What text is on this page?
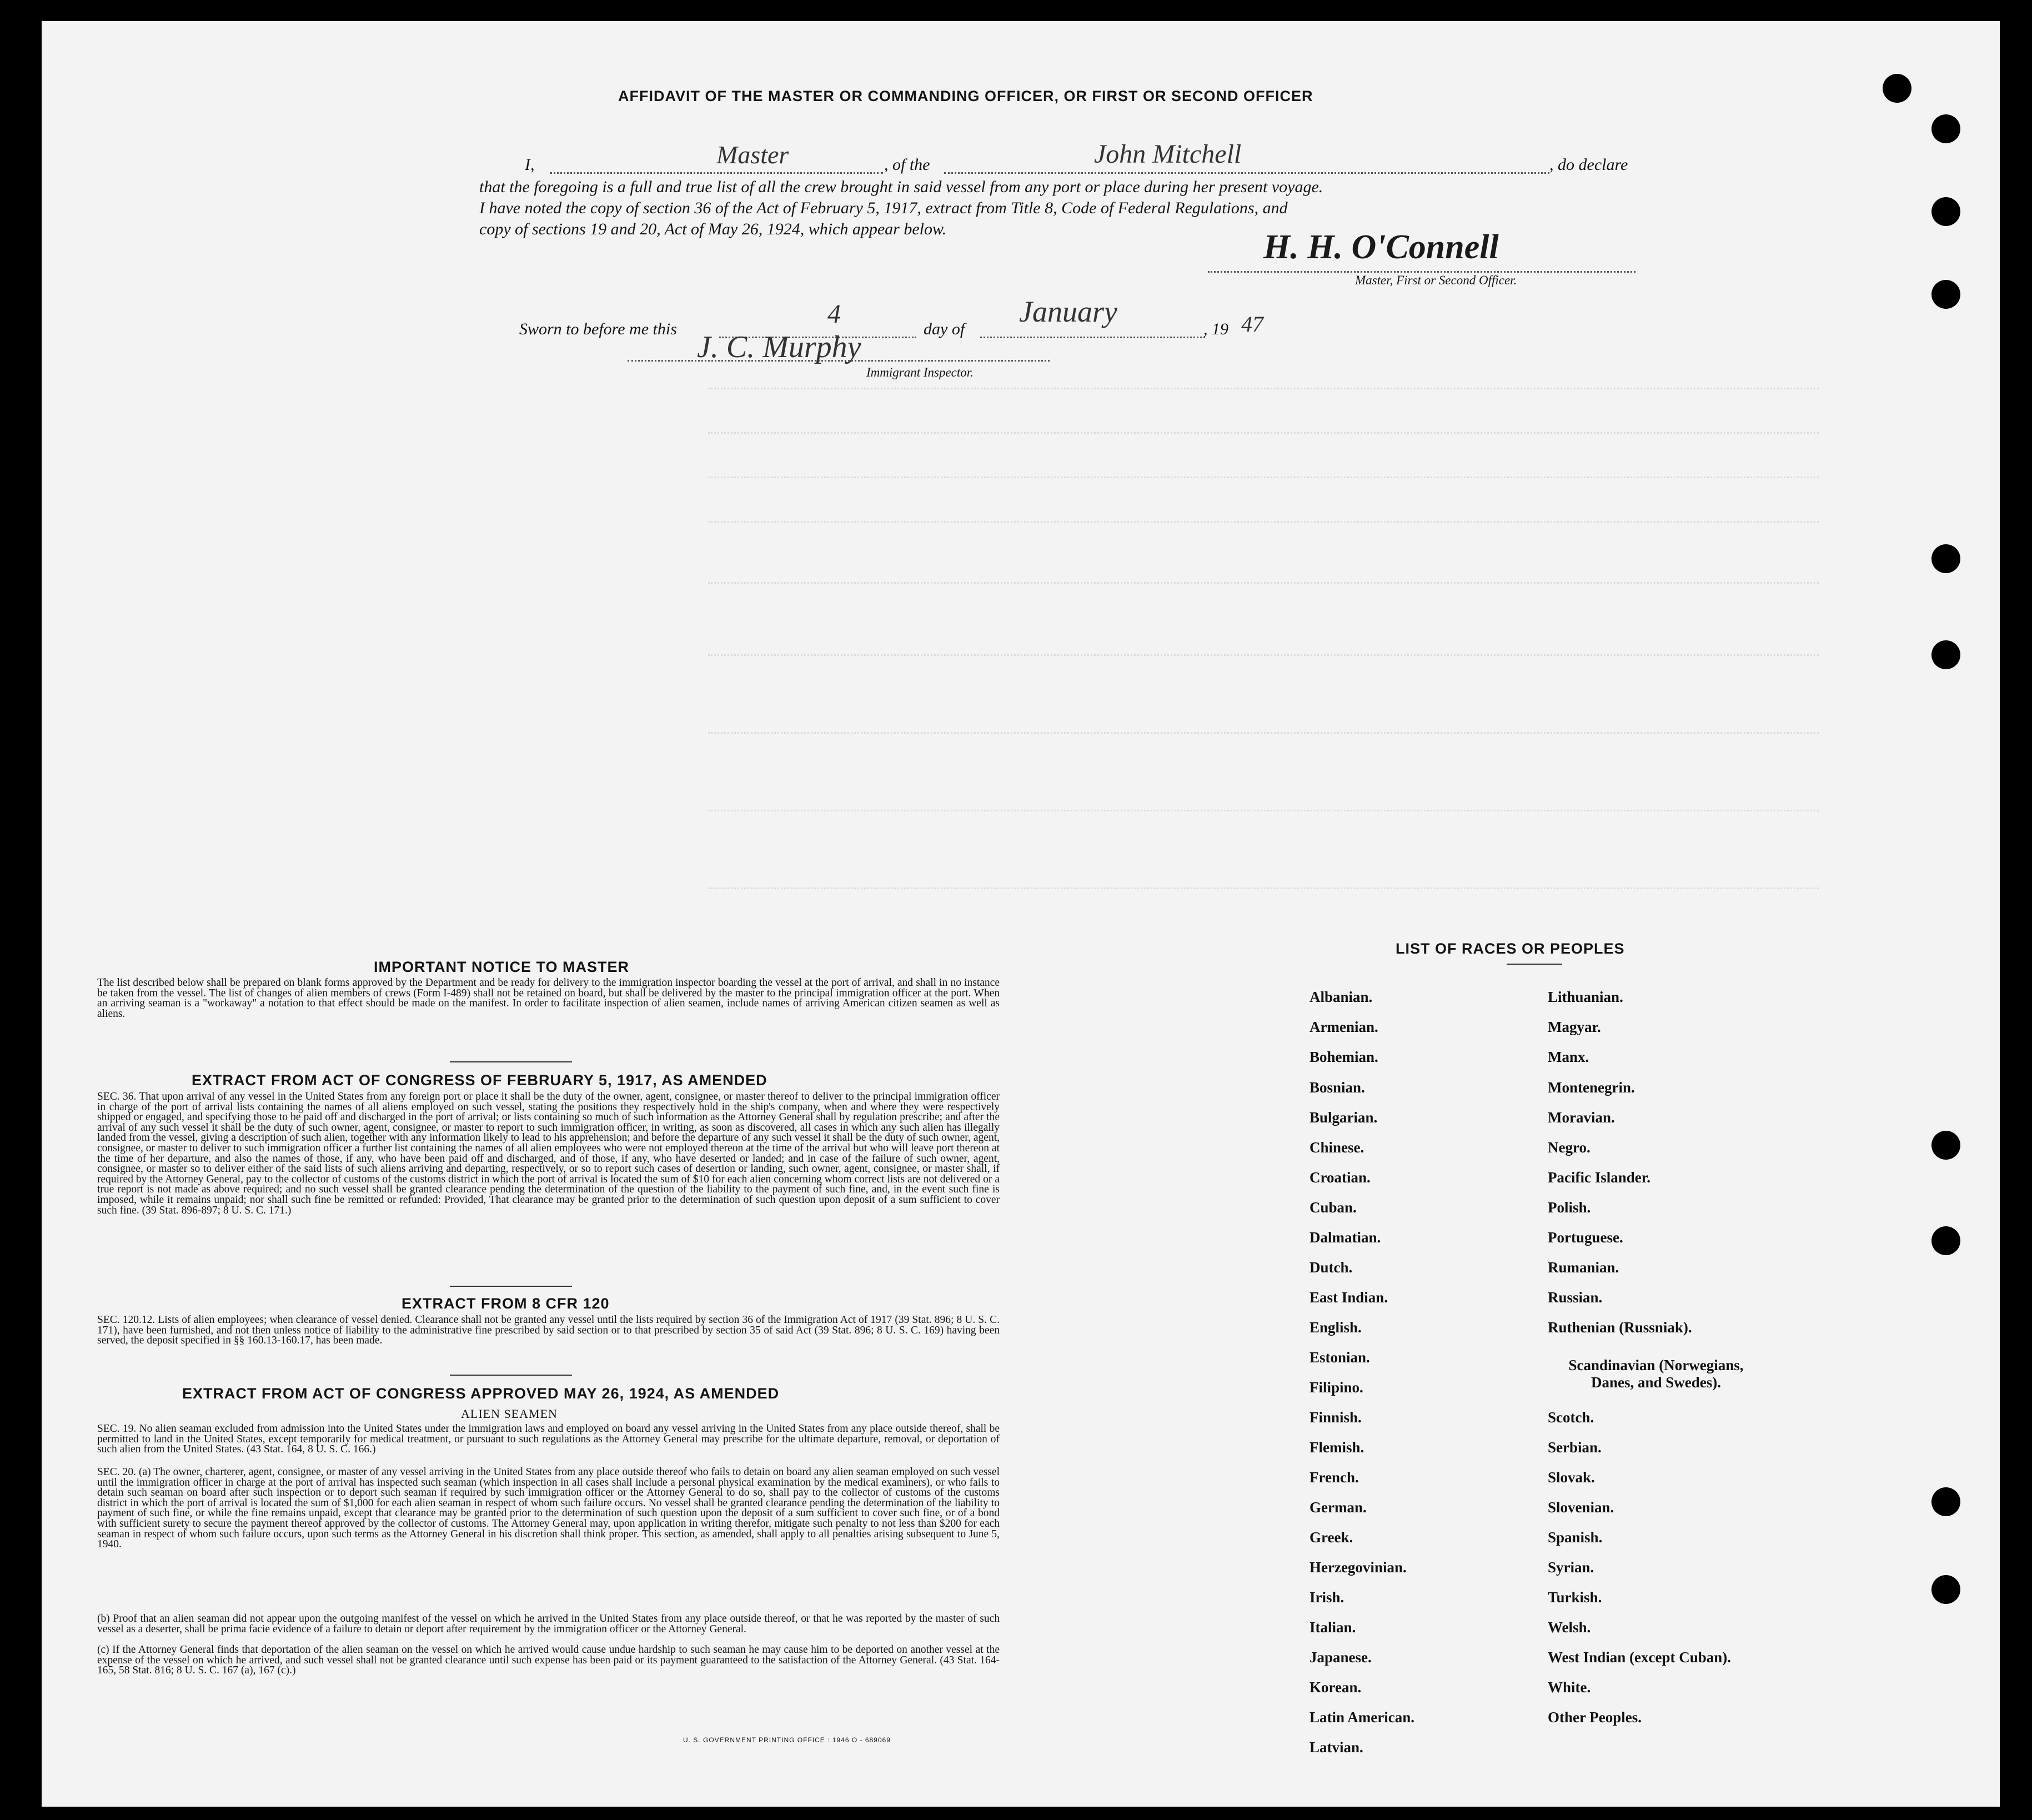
AFFIDAVIT OF THE MASTER OR COMMANDING OFFICER, OR FIRST OR SECOND OFFICER
I,	Master	, of the	John Mitchell	, do declare
that the foregoing is a full and true list of all the crew brought in said vessel from any port or place during her present voyage.
I have noted the copy of section 36 of the Act of February 5, 1917, extract from Title 8, Code of Federal Regulations, and
copy of sections 19 and 20, Act of May 26, 1924, which appear below.	H. H. O'Connell
Master, First or Second Officer.
Sworn to before me this
4
day of
January
, 19 47
J. C. Murphy
Immigrant Inspector.
IMPORTANT NOTICE TO MASTER
The list described below shall be prepared on blank forms approved by the Department and be ready for delivery to the immigration inspector boarding the vessel at the port of arrival, and shall in no instance be taken from the vessel. The list of changes of alien members of crews (Form I-489) shall not be retained on board, but shall be delivered by the master to the principal immigration officer at the port. When an arriving seaman is a "workaway" a notation to that effect should be made on the manifest. In order to facilitate inspection of alien seamen, include names of arriving American citizen seamen as well as aliens.
EXTRACT FROM ACT OF CONGRESS OF FEBRUARY 5, 1917, AS AMENDED
SEC. 36. That upon arrival of any vessel in the United States from any foreign port or place it shall be the duty of the owner, agent, consignee, or master thereof to deliver to the principal immigration officer in charge of the port of arrival lists containing the names of all aliens employed on such vessel, stating the positions they respectively hold in the ship's company, when and where they were respectively shipped or engaged, and specifying those to be paid off and discharged in the port of arrival; or lists containing so much of such information as the Attorney General shall by regulation prescribe; and after the arrival of any such vessel it shall be the duty of such owner, agent, consignee, or master to report to such immigration officer, in writing, as soon as discovered, all cases in which any such alien has illegally landed from the vessel, giving a description of such alien, together with any information likely to lead to his apprehension; and before the departure of any such vessel it shall be the duty of such owner, agent, consignee, or master to deliver to such immigration officer a further list containing the names of all alien employees who were not employed thereon at the time of the arrival but who will leave port thereon at the time of her departure, and also the names of those, if any, who have been paid off and discharged, and of those, if any, who have deserted or landed; and in case of the failure of such owner, agent, consignee, or master so to deliver either of the said lists of such aliens arriving and departing, respectively, or so to report such cases of desertion or landing, such owner, agent, consignee, or master shall, if required by the Attorney General, pay to the collector of customs of the customs district in which the port of arrival is located the sum of $10 for each alien concerning whom correct lists are not delivered or a true report is not made as above required; and no such vessel shall be granted clearance pending the determination of the question of the liability to the payment of such fine, and, in the event such fine is imposed, while it remains unpaid; nor shall such fine be remitted or refunded: Provided, That clearance may be granted prior to the determination of such question upon deposit of a sum sufficient to cover such fine. (39 Stat. 896-897; 8 U. S. C. 171.)
EXTRACT FROM 8 CFR 120
SEC. 120.12. Lists of alien employees; when clearance of vessel denied. Clearance shall not be granted any vessel until the lists required by section 36 of the Immigration Act of 1917 (39 Stat. 896; 8 U. S. C. 171), have been furnished, and not then unless notice of liability to the administrative fine prescribed by said section or to that prescribed by section 35 of said Act (39 Stat. 896; 8 U. S. C. 169) having been served, the deposit specified in §§ 160.13-160.17, has been made.
EXTRACT FROM ACT OF CONGRESS APPROVED MAY 26, 1924, AS AMENDED
ALIEN SEAMEN
SEC. 19. No alien seaman excluded from admission into the United States under the immigration laws and employed on board any vessel arriving in the United States from any place outside thereof, shall be permitted to land in the United States, except temporarily for medical treatment, or pursuant to such regulations as the Attorney General may prescribe for the ultimate departure, removal, or deportation of such alien from the United States. (43 Stat. 164, 8 U. S. C. 166.)
SEC. 20. (a) The owner, charterer, agent, consignee, or master of any vessel arriving in the United States from any place outside thereof who fails to detain on board any alien seaman employed on such vessel until the immigration officer in charge at the port of arrival has inspected such seaman (which inspection in all cases shall include a personal physical examination by the medical examiners), or who fails to detain such seaman on board after such inspection or to deport such seaman if required by such immigration officer or the Attorney General to do so, shall pay to the collector of customs of the customs district in which the port of arrival is located the sum of $1,000 for each alien seaman in respect of whom such failure occurs. No vessel shall be granted clearance pending the determination of the liability to payment of such fine, or while the fine remains unpaid, except that clearance may be granted prior to the determination of such question upon the deposit of a sum sufficient to cover such fine, or of a bond with sufficient surety to secure the payment thereof approved by the collector of customs. The Attorney General may, upon application in writing therefor, mitigate such penalty to not less than $200 for each seaman in respect of whom such failure occurs, upon such terms as the Attorney General in his discretion shall think proper. This section, as amended, shall apply to all penalties arising subsequent to June 5, 1940.
(b) Proof that an alien seaman did not appear upon the outgoing manifest of the vessel on which he arrived in the United States from any place outside thereof, or that he was reported by the master of such vessel as a deserter, shall be prima facie evidence of a failure to detain or deport after requirement by the immigration officer or the Attorney General.
(c) If the Attorney General finds that deportation of the alien seaman on the vessel on which he arrived would cause undue hardship to such seaman he may cause him to be deported on another vessel at the expense of the vessel on which he arrived, and such vessel shall not be granted clearance until such expense has been paid or its payment guaranteed to the satisfaction of the Attorney General. (43 Stat. 164-165, 58 Stat. 816; 8 U. S. C. 167 (a), 167 (c).)
U. S. GOVERNMENT PRINTING OFFICE : 1946 O - 689069
LIST OF RACES OR PEOPLES
Albanian.
Armenian.
Bohemian.
Bosnian.
Bulgarian.
Chinese.
Croatian.
Cuban.
Dalmatian.
Dutch.
East Indian.
English.
Estonian.
Filipino.
Finnish.
Flemish.
French.
German.
Greek.
Herzegovinian.
Irish.
Italian.
Japanese.
Korean.
Latin American.
Latvian.
Lithuanian.
Magyar.
Manx.
Montenegrin.
Moravian.
Negro.
Pacific Islander.
Polish.
Portuguese.
Rumanian.
Russian.
Ruthenian (Russniak).
Scandinavian (Norwegians, Danes, and Swedes).
Scotch.
Serbian.
Slovak.
Slovenian.
Spanish.
Syrian.
Turkish.
Welsh.
West Indian (except Cuban).
White.
Other Peoples.
